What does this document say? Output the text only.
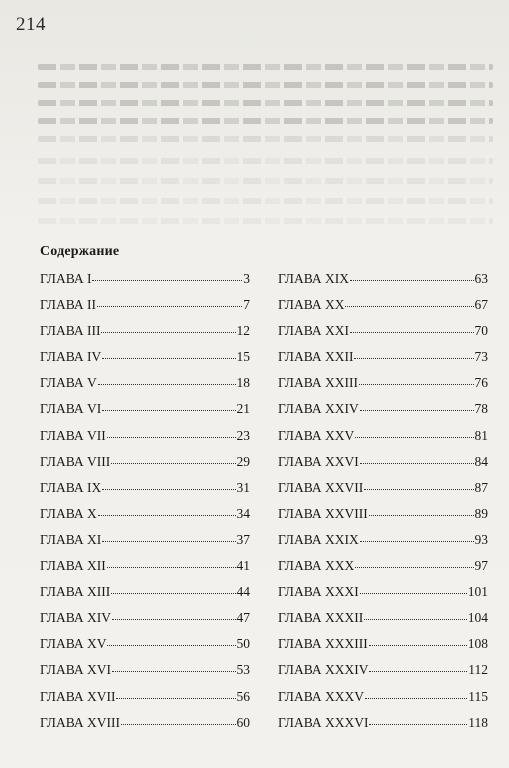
214
Содержание
ГЛАВА I	3
ГЛАВА II	7
ГЛАВА III	12
ГЛАВА IV	15
ГЛАВА V	18
ГЛАВА VI	21
ГЛАВА VII	23
ГЛАВА VIII	29
ГЛАВА IX	31
ГЛАВА X	34
ГЛАВА XI	37
ГЛАВА XII	41
ГЛАВА XIII	44
ГЛАВА XIV	47
ГЛАВА XV	50
ГЛАВА XVI	53
ГЛАВА XVII	56
ГЛАВА XVIII	60
ГЛАВА XIX	63
ГЛАВА XX	67
ГЛАВА XXI	70
ГЛАВА XXII	73
ГЛАВА XXIII	76
ГЛАВА XXIV	78
ГЛАВА XXV	81
ГЛАВА XXVI	84
ГЛАВА XXVII	87
ГЛАВА XXVIII	89
ГЛАВА XXIX	93
ГЛАВА XXX	97
ГЛАВА XXXI	101
ГЛАВА XXXII	104
ГЛАВА XXXIII	108
ГЛАВА XXXIV	112
ГЛАВА XXXV	115
ГЛАВА XXXVI	118
